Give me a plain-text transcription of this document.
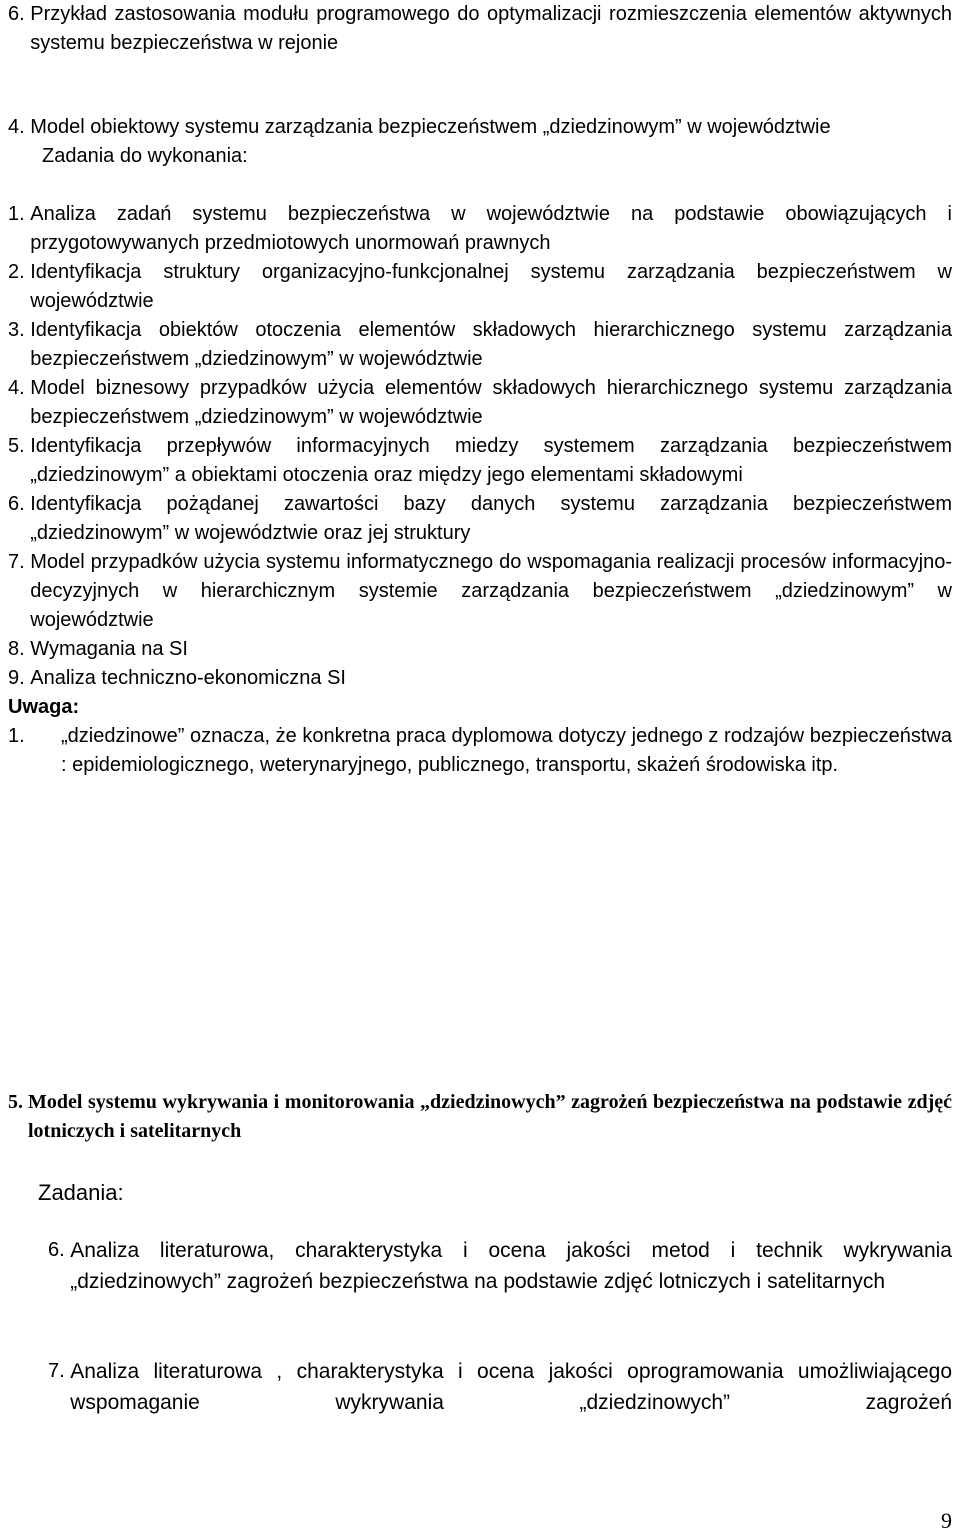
6. Przykład zastosowania modułu programowego do optymalizacji rozmieszczenia elementów aktywnych systemu bezpieczeństwa w rejonie
4. Model obiektowy systemu zarządzania bezpieczeństwem „dziedzinowym” w województwie
Zadania do wykonania:
1. Analiza zadań systemu bezpieczeństwa w województwie na podstawie obowiązujących i przygotowywanych przedmiotowych unormowań prawnych
2. Identyfikacja struktury organizacyjno-funkcjonalnej systemu zarządzania bezpieczeństwem w województwie
3. Identyfikacja obiektów otoczenia elementów składowych hierarchicznego systemu zarządzania bezpieczeństwem „dziedzinowym” w województwie
4. Model biznesowy przypadków użycia elementów składowych hierarchicznego systemu zarządzania bezpieczeństwem „dziedzinowym” w województwie
5. Identyfikacja przepływów informacyjnych miedzy systemem zarządzania bezpieczeństwem „dziedzinowym” a obiektami otoczenia oraz między jego elementami składowymi
6. Identyfikacja pożądanej zawartości bazy danych systemu zarządzania bezpieczeństwem „dziedzinowym” w województwie oraz jej struktury
7. Model przypadków użycia systemu informatycznego do wspomagania realizacji procesów informacyjno-decyzyjnych w hierarchicznym systemie zarządzania bezpieczeństwem „dziedzinowym” w województwie
8. Wymagania na SI
9. Analiza techniczno-ekonomiczna SI
Uwaga:
1.	„dziedzinowe” oznacza, że konkretna praca dyplomowa dotyczy jednego z rodzajów bezpieczeństwa : epidemiologicznego, weterynaryjnego, publicznego, transportu, skażeń środowiska itp.
5. Model systemu wykrywania i monitorowania „dziedzinowych” zagrożeń bezpieczeństwa na podstawie zdjęć lotniczych i satelitarnych
Zadania:
6. Analiza literaturowa, charakterystyka i ocena jakości metod i technik wykrywania „dziedzinowych” zagrożeń bezpieczeństwa na podstawie zdjęć lotniczych i satelitarnych
7. Analiza literaturowa , charakterystyka i ocena jakości oprogramowania umożliwiającego wspomaganie wykrywania „dziedzinowych” zagrożeń
9
